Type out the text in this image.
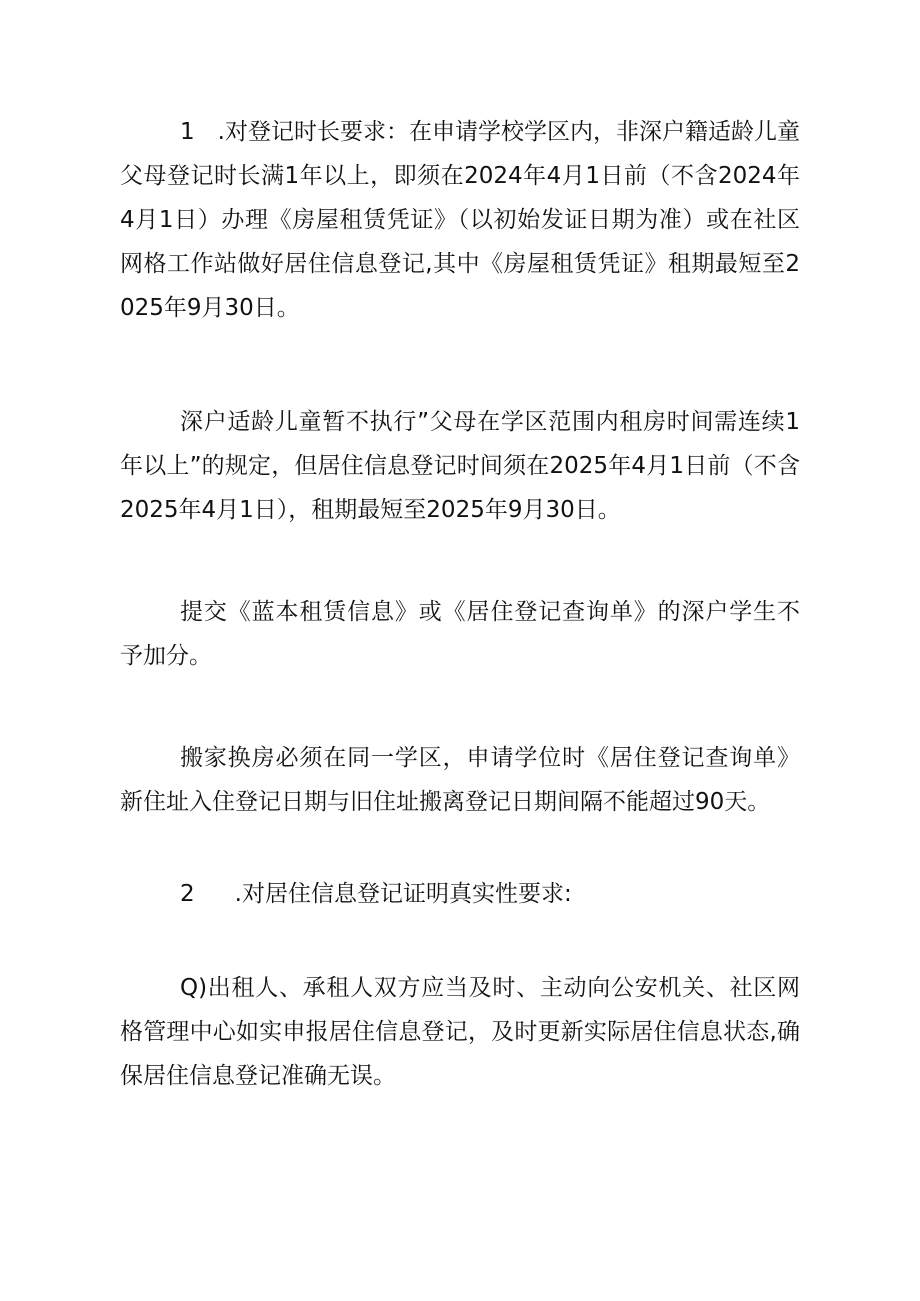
1　.对登记时长要求：在申请学校学区内，非深户籍适龄儿童父母登记时长满1年以上，即须在2024年4月1日前（不含2024年4月1日）办理《房屋租赁凭证》（以初始发证日期为准）或在社区网格工作站做好居住信息登记,其中《房屋租赁凭证》租期最短至2025年9月30日。

深户适龄儿童暂不执行”父母在学区范围内租房时间需连续1年以上”的规定，但居住信息登记时间须在2025年4月1日前（不含2025年4月1日），租期最短至2025年9月30日。

提交《蓝本租赁信息》或《居住登记查询单》的深户学生不予加分。

搬家换房必须在同一学区，申请学位时《居住登记查询单》新住址入住登记日期与旧住址搬离登记日期间隔不能超过90天。

2 .对居住信息登记证明真实性要求:

Q)出租人、承租人双方应当及时、主动向公安机关、社区网格管理中心如实申报居住信息登记，及时更新实际居住信息状态,确保居住信息登记准确无误。
